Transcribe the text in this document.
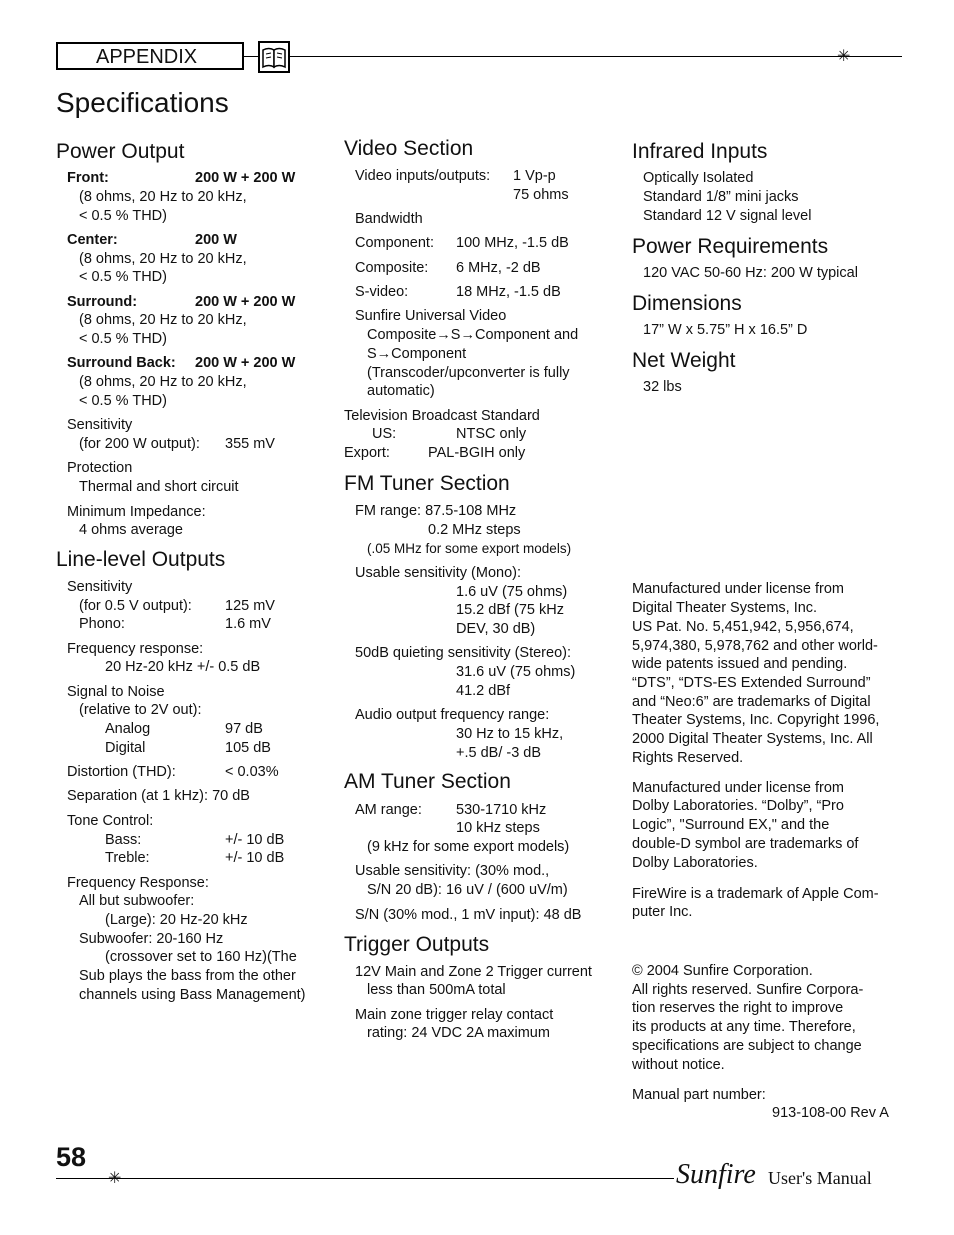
APPENDIX	✳
Specifications
Power Output
Front:	200 W + 200 W
(8 ohms, 20 Hz to 20 kHz,
< 0.5 % THD)
Center:	200 W
(8 ohms, 20 Hz to 20 kHz,
< 0.5 % THD)
Surround:	200 W + 200 W
(8 ohms, 20 Hz to 20 kHz,
< 0.5 % THD)
Surround Back: 200 W + 200 W
(8 ohms, 20 Hz to 20 kHz,
< 0.5 % THD)
Sensitivity
(for 200 W output): 355 mV
Protection
Thermal and short circuit
Minimum Impedance:
4 ohms average
Line-level Outputs
Sensitivity
(for 0.5 V output): 125 mV
Phono:	1.6 mV
Frequency response:
20 Hz-20 kHz +/- 0.5 dB
Signal to Noise
(relative to 2V out):
Analog	97 dB
Digital	105 dB
Distortion (THD):	< 0.03%
Separation (at 1 kHz): 70 dB
Tone Control:
Bass:	+/- 10 dB
Treble:	+/- 10 dB
Frequency Response:
All but subwoofer:
(Large): 20 Hz-20 kHz
Subwoofer: 20-160 Hz
(crossover set to 160 Hz)(The
Sub plays the bass from the other
channels using Bass Management)
Video Section
Video inputs/outputs: 1 Vp-p
75 ohms
Bandwidth
Component: 100 MHz, -1.5 dB
Composite: 6 MHz, -2 dB
S-video:	18 MHz, -1.5 dB
Sunfire Universal Video
Composite→S→Component and
S→Component
(Transcoder/upconverter is fully
automatic)
Television Broadcast Standard
US:	NTSC only
Export:	PAL-BGIH only
FM Tuner Section
FM range: 87.5-108 MHz
0.2 MHz steps
(.05 MHz for some export models)
Usable sensitivity (Mono):
1.6 uV (75 ohms)
15.2 dBf (75 kHz
DEV, 30 dB)
50dB quieting sensitivity (Stereo):
31.6 uV (75 ohms)
41.2 dBf
Audio output frequency range:
30 Hz to 15 kHz,
+.5 dB/ -3 dB
AM Tuner Section
AM range: 530-1710 kHz
10 kHz steps
(9 kHz for some export models)
Usable sensitivity: (30% mod.,
S/N 20 dB): 16 uV / (600 uV/m)
S/N (30% mod., 1 mV input): 48 dB
Trigger Outputs
12V Main and Zone 2 Trigger current
less than 500mA total
Main zone trigger relay contact
rating: 24 VDC 2A maximum
Infrared Inputs
Optically Isolated
Standard 1/8” mini jacks
Standard 12 V signal level
Power Requirements
120 VAC 50-60 Hz: 200 W typical
Dimensions
17” W x 5.75” H x 16.5” D
Net Weight
32 lbs
Manufactured under license from
Digital Theater Systems, Inc.
US Pat. No. 5,451,942, 5,956,674,
5,974,380, 5,978,762 and other world-
wide patents issued and pending.
“DTS”, “DTS-ES Extended Surround”
and “Neo:6” are trademarks of Digital
Theater Systems, Inc. Copyright 1996,
2000 Digital Theater Systems, Inc. All
Rights Reserved.
Manufactured under license from
Dolby Laboratories. “Dolby”, “Pro
Logic”, "Surround EX," and the
double-D symbol are trademarks of
Dolby Laboratories.
FireWire is a trademark of Apple Com-
puter Inc.
© 2004 Sunfire Corporation.
All rights reserved. Sunfire Corpora-
tion reserves the right to improve
its products at any time. Therefore,
specifications are subject to change
without notice.
Manual part number:
913-108-00 Rev A
58
✳	Sunfire User's Manual
